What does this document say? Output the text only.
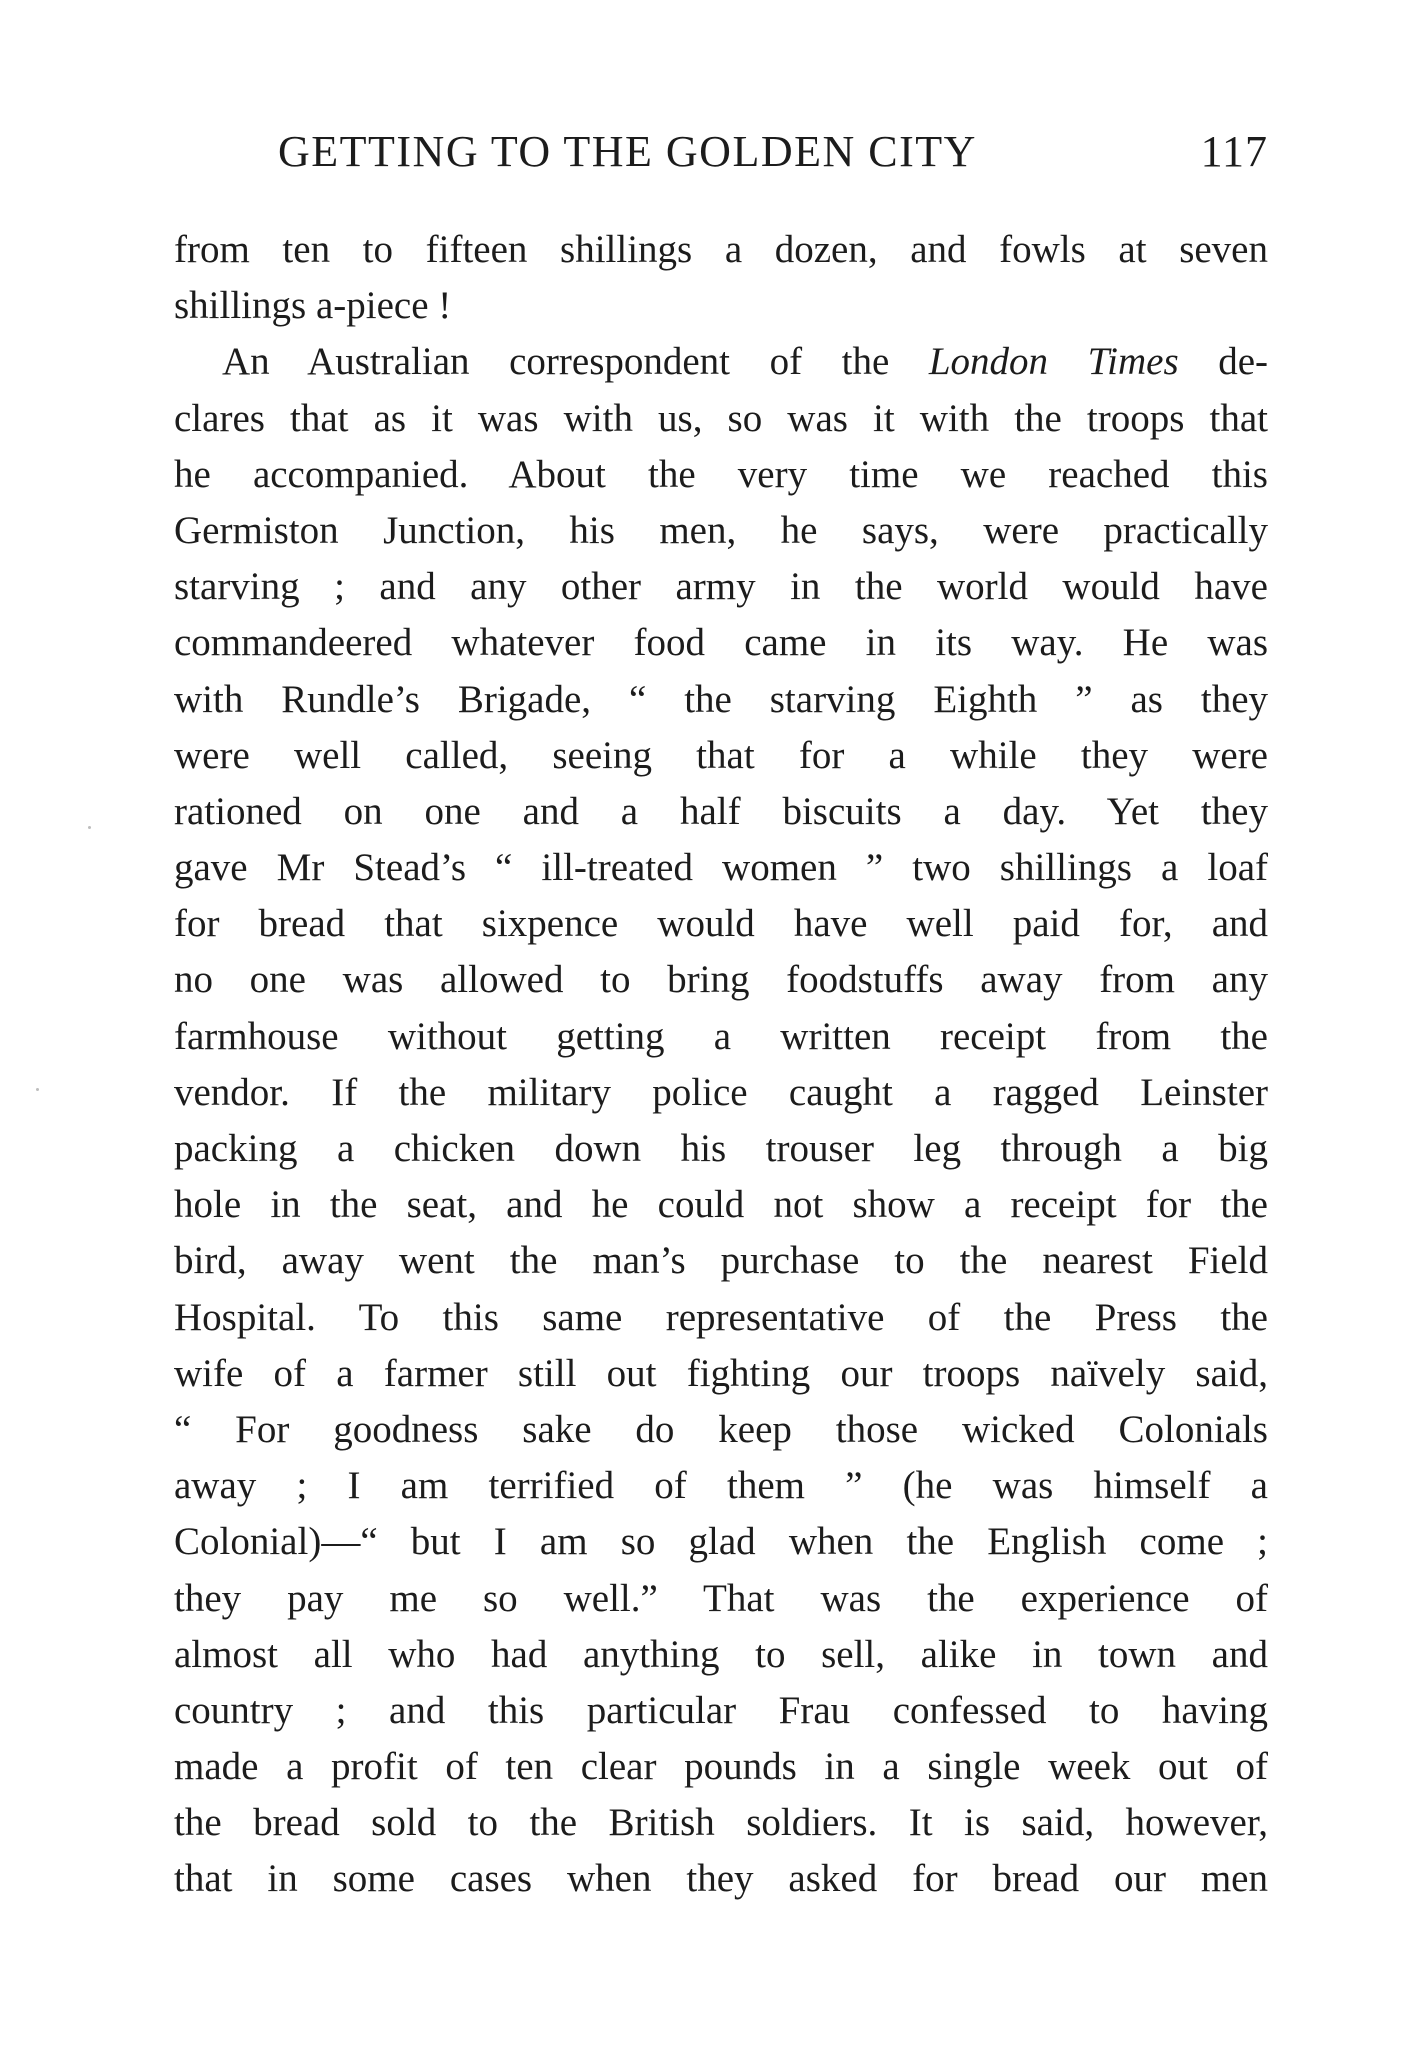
GETTING TO THE GOLDEN CITY	117
from ten to fifteen shillings a dozen, and fowls at seven
shillings a-piece !
An Australian correspondent of the London Times de-
clares that as it was with us, so was it with the troops that
he accompanied. About the very time we reached this
Germiston Junction, his men, he says, were practically
starving ; and any other army in the world would have
commandeered whatever food came in its way. He was
with Rundle’s Brigade, “ the starving Eighth ” as they
were well called, seeing that for a while they were
rationed on one and a half biscuits a day. Yet they
gave Mr Stead’s “ ill-treated women ” two shillings a loaf
for bread that sixpence would have well paid for, and
no one was allowed to bring foodstuffs away from any
farmhouse without getting a written receipt from the
vendor. If the military police caught a ragged Leinster
packing a chicken down his trouser leg through a big
hole in the seat, and he could not show a receipt for the
bird, away went the man’s purchase to the nearest Field
Hospital. To this same representative of the Press the
wife of a farmer still out fighting our troops naïvely said,
“ For goodness sake do keep those wicked Colonials
away ; I am terrified of them ” (he was himself a
Colonial)—“ but I am so glad when the English come ;
they pay me so well.” That was the experience of
almost all who had anything to sell, alike in town and
country ; and this particular Frau confessed to having
made a profit of ten clear pounds in a single week out of
the bread sold to the British soldiers. It is said, however,
that in some cases when they asked for bread our men
